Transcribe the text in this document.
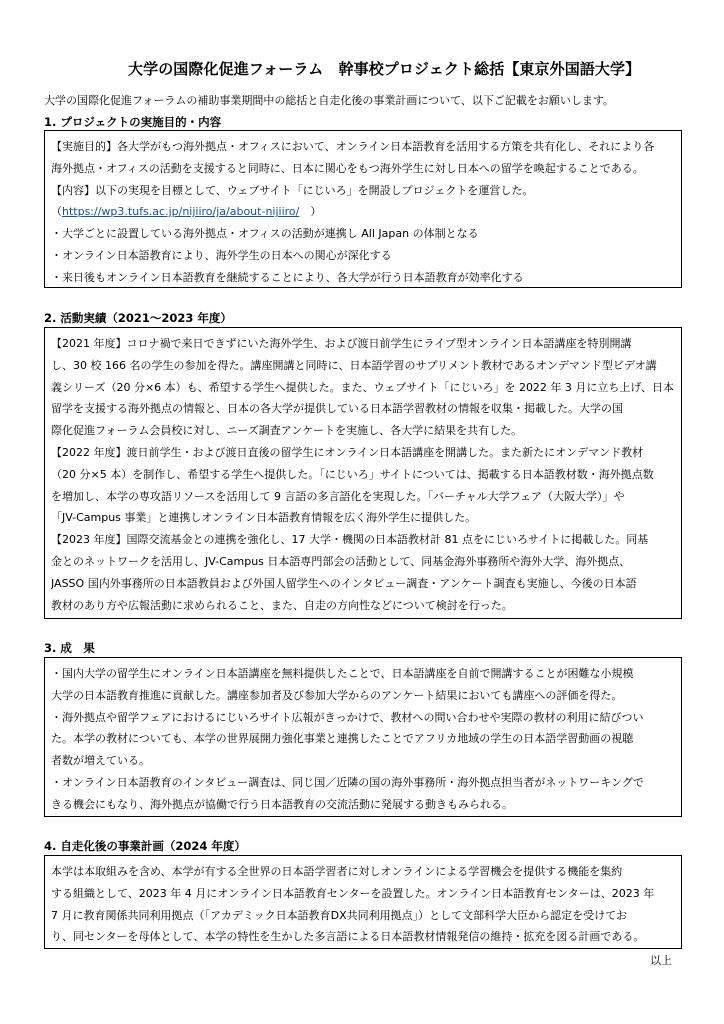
大学の国際化促進フォーラム　幹事校プロジェクト総括【東京外国語大学】
大学の国際化促進フォーラムの補助事業期間中の総括と自走化後の事業計画について、以下ご記載をお願いします。
1. プロジェクトの実施目的・内容
【実施目的】各大学がもつ海外拠点・オフィスにおいて、オンライン日本語教育を活用する方策を共有化し、それにより各
海外拠点・オフィスの活動を支援すると同時に、日本に関心をもつ海外学生に対し日本への留学を喚起することである。
【内容】以下の実現を目標として、ウェブサイト「にじいろ」を開設しプロジェクトを運営した。
（https://wp3.tufs.ac.jp/nijiiro/ja/about-nijiiro/　）
・大学ごとに設置している海外拠点・オフィスの活動が連携し All Japan の体制となる
・オンライン日本語教育により、海外学生の日本への関心が深化する
・来日後もオンライン日本語教育を継続することにより、各大学が行う日本語教育が効率化する
2. 活動実績（2021～2023 年度）
【2021 年度】コロナ禍で来日できずにいた海外学生、および渡日前学生にライブ型オンライン日本語講座を特別開講
し、30 校 166 名の学生の参加を得た。講座開講と同時に、日本語学習のサプリメント教材であるオンデマンド型ビデオ講
義シリーズ（20 分×6 本）も、希望する学生へ提供した。また、ウェブサイト「にじいろ」を 2022 年 3 月に立ち上げ、日本
留学を支援する海外拠点の情報と、日本の各大学が提供している日本語学習教材の情報を収集・掲載した。大学の国
際化促進フォーラム会員校に対し、ニーズ調査アンケートを実施し、各大学に結果を共有した。
【2022 年度】渡日前学生・および渡日直後の留学生にオンライン日本語講座を開講した。また新たにオンデマンド教材
（20 分×5 本）を制作し、希望する学生へ提供した。「にじいろ」サイトについては、掲載する日本語教材数・海外拠点数
を増加し、本学の専攻語リソースを活用して 9 言語の多言語化を実現した。「バーチャル大学フェア（大阪大学）」や
「JV-Campus 事業」と連携しオンライン日本語教育情報を広く海外学生に提供した。
【2023 年度】国際交流基金との連携を強化し、17 大学・機関の日本語教材計 81 点をにじいろサイトに掲載した。同基
金とのネットワークを活用し、JV-Campus 日本語専門部会の活動として、同基金海外事務所や海外大学、海外拠点、
JASSO 国内外事務所の日本語教員および外国人留学生へのインタビュー調査・アンケート調査も実施し、今後の日本語
教材のあり方や広報活動に求められること、また、自走の方向性などについて検討を行った。
3. 成　果
・国内大学の留学生にオンライン日本語講座を無料提供したことで、日本語講座を自前で開講することが困難な小規模
大学の日本語教育推進に貢献した。講座参加者及び参加大学からのアンケート結果においても講座への評価を得た。
・海外拠点や留学フェアにおけるにじいろサイト広報がきっかけで、教材への問い合わせや実際の教材の利用に結びつい
た。本学の教材についても、本学の世界展開力強化事業と連携したことでアフリカ地域の学生の日本語学習動画の視聴
者数が増えている。
・オンライン日本語教育のインタビュー調査は、同じ国／近隣の国の海外事務所・海外拠点担当者がネットワーキングで
きる機会にもなり、海外拠点が協働で行う日本語教育の交流活動に発展する動きもみられる。
4. 自走化後の事業計画（2024 年度）
本学は本取組みを含め、本学が有する全世界の日本語学習者に対しオンラインによる学習機会を提供する機能を集約
する組織として、2023 年 4 月にオンライン日本語教育センターを設置した。オンライン日本語教育センターは、2023 年
7 月に教育関係共同利用拠点（「アカデミック日本語教育DX共同利用拠点」）として文部科学大臣から認定を受けてお
り、同センターを母体として、本学の特性を生かした多言語による日本語教材情報発信の維持・拡充を図る計画である。
以上
